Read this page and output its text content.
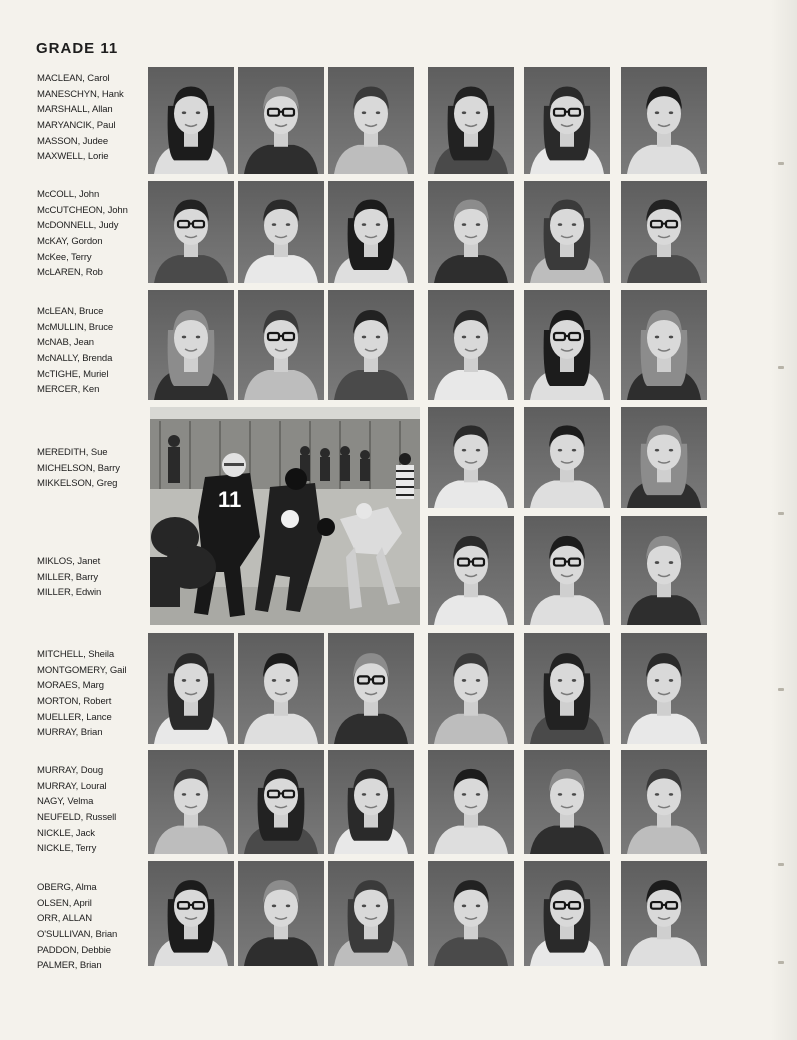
GRADE 11
MACLEAN, Carol
MANESCHYN, Hank
MARSHALL, Allan
MARYANCIK, Paul
MASSON, Judee
MAXWELL, Lorie
McCOLL, John
McCUTCHEON, John
McDONNELL, Judy
McKAY, Gordon
McKee, Terry
McLAREN, Rob
McLEAN, Bruce
McMULLIN, Bruce
McNAB, Jean
McNALLY, Brenda
McTIGHE, Muriel
MERCER, Ken
MEREDITH, Sue
MICHELSON, Barry
MIKKELSON, Greg
MIKLOS, Janet
MILLER, Barry
MILLER, Edwin
MITCHELL, Sheila
MONTGOMERY, Gail
MORAES, Marg
MORTON, Robert
MUELLER, Lance
MURRAY, Brian
MURRAY, Doug
MURRAY, Loural
NAGY, Velma
NEUFELD, Russell
NICKLE, Jack
NICKLE, Terry
OBERG, Alma
OLSEN, April
ORR, ALLAN
O'SULLIVAN, Brian
PADDON, Debbie
PALMER, Brian
11
